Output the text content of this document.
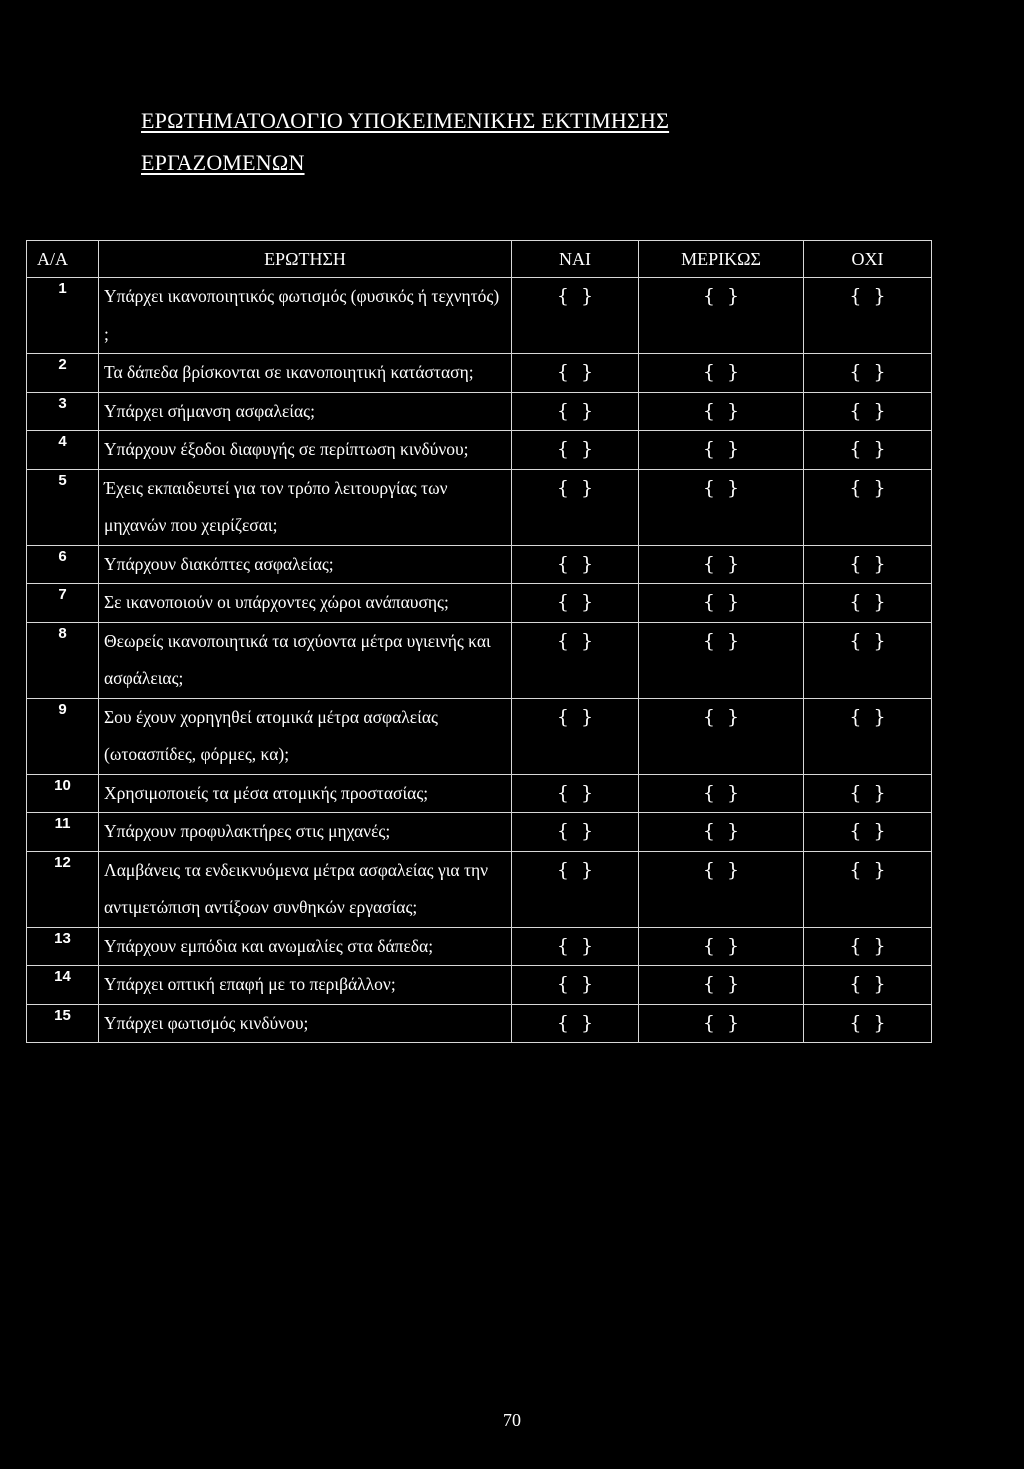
ΕΡΩΤΗΜΑΤΟΛΟΓΙΟ ΥΠΟΚΕΙΜΕΝΙΚΗΣ ΕΚΤΙΜΗΣΗΣ
ΕΡΓΑΖΟΜΕΝΩΝ
Α/Α	ΕΡΩΤΗΣΗ	ΝΑΙ	ΜΕΡΙΚΩΣ	ΟΧΙ
1	Υπάρχει ικανοποιητικός φωτισμός (φυσικός ή τεχνητός) ;	{  }	{  }	{  }
2	Τα δάπεδα βρίσκονται σε ικανοποιητική κατάσταση;	{  }	{  }	{  }
3	Υπάρχει σήμανση ασφαλείας;	{  }	{  }	{  }
4	Υπάρχουν έξοδοι διαφυγής σε περίπτωση κινδύνου;	{  }	{  }	{  }
5	Έχεις εκπαιδευτεί για τον τρόπο λειτουργίας των μηχανών που χειρίζεσαι;	{  }	{  }	{  }
6	Υπάρχουν διακόπτες ασφαλείας;	{  }	{  }	{  }
7	Σε ικανοποιούν οι υπάρχοντες χώροι ανάπαυσης;	{  }	{  }	{  }
8	Θεωρείς ικανοποιητικά τα ισχύοντα μέτρα υγιεινής και ασφάλειας;	{  }	{  }	{  }
9	Σου έχουν χορηγηθεί ατομικά μέτρα ασφαλείας (ωτοασπίδες, φόρμες, κα);	{  }	{  }	{  }
10	Χρησιμοποιείς τα μέσα ατομικής προστασίας;	{  }	{  }	{  }
11	Υπάρχουν προφυλακτήρες στις μηχανές;	{  }	{  }	{  }
12	Λαμβάνεις τα ενδεικνυόμενα μέτρα ασφαλείας για την αντιμετώπιση αντίξοων συνθηκών εργασίας;	{  }	{  }	{  }
13	Υπάρχουν εμπόδια και ανωμαλίες στα δάπεδα;	{  }	{  }	{  }
14	Υπάρχει οπτική επαφή με το περιβάλλον;	{  }	{  }	{  }
15	Υπάρχει φωτισμός κινδύνου;	{  }	{  }	{  }
70
